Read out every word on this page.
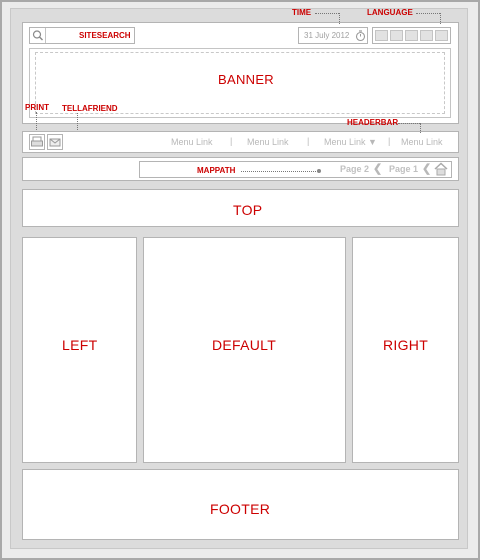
SITESEARCH
TIME
31 July 2012
LANGUAGE
BANNER
PRINT TELLAFRIEND
HEADERBAR
Menu Link | Menu Link | Menu Link ▼ | Menu Link
MAPPATH	Page 2 ❮ Page 1 ❮
TOP
LEFT	DEFAULT	RIGHT
FOOTER
